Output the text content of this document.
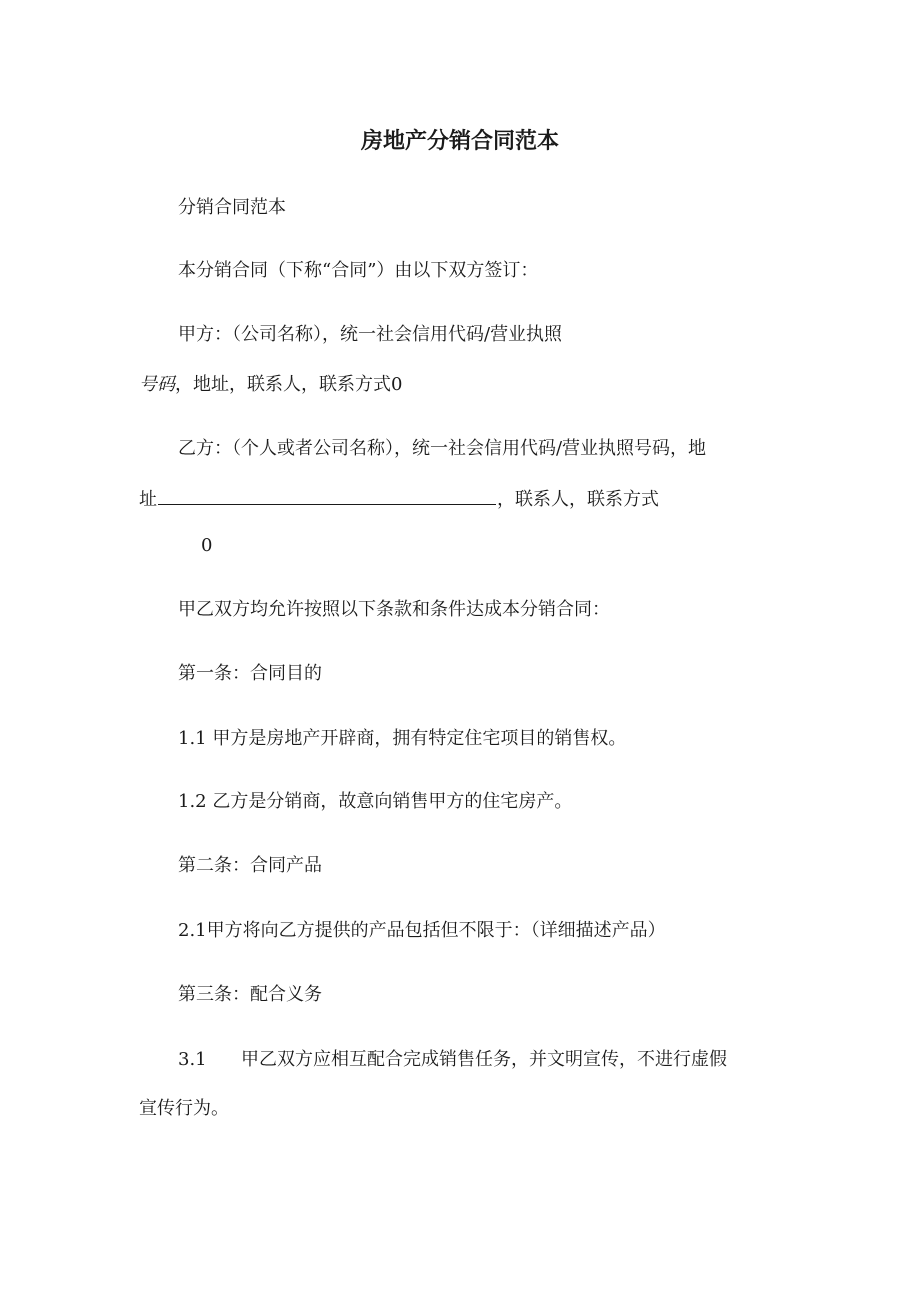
房地产分销合同范本
分销合同范本
本分销合同（下称“合同”）由以下双方签订：
甲方：（公司名称），统一社会信用代码/营业执照
号码，地址，联系人，联系方式0
乙方：（个人或者公司名称），统一社会信用代码/营业执照号码，地
址	，联系人，联系方式
0
甲乙双方均允许按照以下条款和条件达成本分销合同：
第一条：合同目的
1.1 甲方是房地产开辟商，拥有特定住宅项目的销售权。
1.2 乙方是分销商，故意向销售甲方的住宅房产。
第二条：合同产品
2.1甲方将向乙方提供的产品包括但不限于：（详细描述产品）
第三条：配合义务
3.1      甲乙双方应相互配合完成销售任务，并文明宣传，不进行虚假
宣传行为。
